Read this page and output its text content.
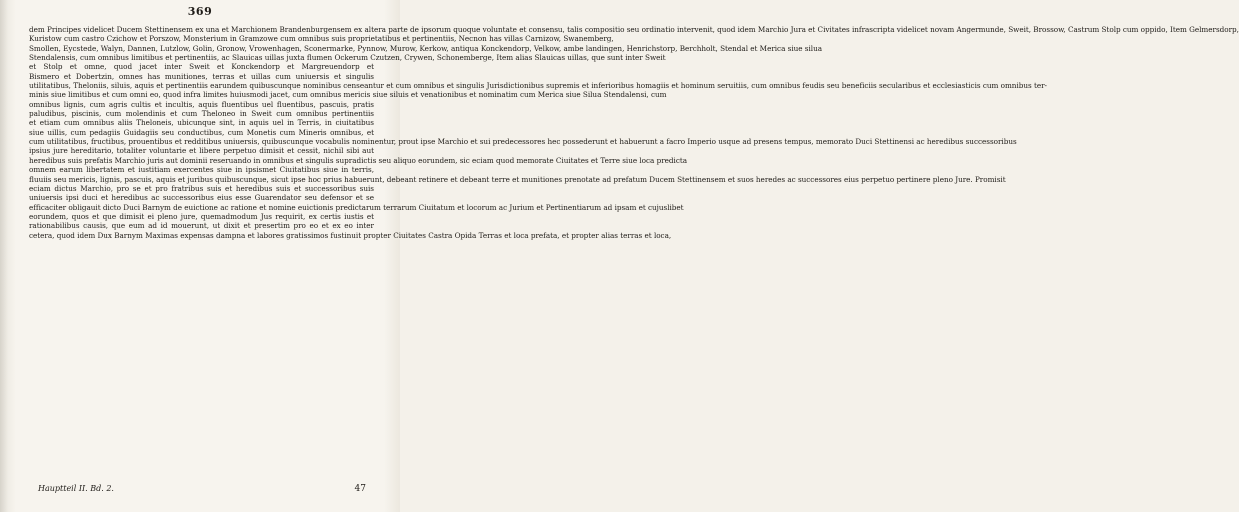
369
dem Principes videlicet Ducem Stettinensem ex una et Marchionem Brandenburgensem ex altera parte de ipsorum quoque voluntate et consensu, talis compositio seu ordinatio intervenit, quod idem Marchio Jura et Civitates infrascripta videlicet novam Angermunde, Sweit, Brossow, Castrum Stolp cum oppido, Item Gelmersdorp,
Kuristow cum castro Czichow et Porszow, Monsterium in Gramzowe cum omnibus suis proprietatibus et pertinentiis, Necnon has villas Carnizow, Swanemberg,
Smollen, Eycstede, Walyn, Dannen, Lutzlow, Golin, Gronow, Vrowenhagen, Sconermarke, Pynnow, Murow, Kerkow, antiqua Konckendorp, Velkow, ambe landingen, Henrichstorp, Berchholt, Stendal et Merica siue silua
Stendalensis, cum omnibus limitibus et pertinentiis, ac Slauicas uillas juxta flumen Ockerum Czutzen, Crywen, Schonemberge, Item alias Slauicas uillas, que sunt inter Sweit
et Stolp et omne, quod jacet inter Sweit et Konckendorp et Margreuendorp et
Bismero et Dobertzin, omnes has munitiones, terras et uillas cum uniuersis et singulis
utilitatibus, Theloniis, siluis, aquis et pertinentiis earundem quibuscunque nominibus censeantur et cum omnibus et singulis Jurisdictionibus supremis et inferioribus homagiis et hominum seruitiis, cum omnibus feudis seu beneficiis secularibus et ecclesiasticis cum omnibus ter-
minis siue limitibus et cum omni eo, quod infra limites huiusmodi jacet, cum omnibus mericis siue siluis et venationibus et nominatim cum Merica siue Silua Stendalensi, cum
omnibus lignis, cum agris cultis et incultis, aquis fluentibus uel fluentibus, pascuis, pratis
paludibus, piscinis, cum molendinis et cum Theloneo in Sweit cum omnibus pertinentiis
et etiam cum omnibus aliis Theloneis, ubicunque sint, in aquis uel in Terris, in ciuitatibus
siue uillis, cum pedagiis Guidagiis seu conductibus, cum Monetis cum Mineris omnibus, et
cum utilitatibus, fructibus, prouentibus et redditibus uniuersis, quibuscunque vocabulis nominentur, prout ipse Marchio et sui predecessores hec possederunt et habuerunt a facro Imperio usque ad presens tempus, memorato Duci Stettinensi ac heredibus successoribus
ipsius jure hereditario, totaliter voluntarie et libere perpetuo dimisit et cessit, nichil sibi aut
heredibus suis prefatis Marchio juris aut dominii reseruando in omnibus et singulis supradictis seu aliquo eorundem, sic eciam quod memorate Ciuitates et Terre siue loca predicta
omnem earum libertatem et iustitiam exercentes siue in ipsismet Ciuitatibus siue in terris,
fluuiis seu mericis, lignis, pascuis, aquis et juribus quibuscunque, sicut ipse hoc prius habuerunt, debeant retinere et debeant terre et munitiones prenotate ad prefatum Ducem Stettinensem et suos heredes ac successores eius perpetuo pertinere pleno Jure. Promisit
eciam dictus Marchio, pro se et pro fratribus suis et heredibus suis et successoribus suis
uniuersis ipsi duci et heredibus ac successoribus eius esse Guarendator seu defensor et se
efficaciter obligauit dicto Duci Barnym de euictione ac ratione et nomine euictionis predictarum terrarum Ciuitatum et locorum ac Jurium et Pertinentiarum ad ipsam et cujuslibet
eorundem, quos et que dimisit ei pleno jure, quemadmodum Jus requirit, ex certis iustis et
rationabilibus causis, que eum ad id mouerunt, ut dixit et presertim pro eo et ex eo inter
cetera, quod idem Dux Barnym Maximas expensas dampna et labores gratissimos fustinuit propter Ciuitates Castra Opida Terras et loca prefata, et propter alias terras et loca,
Hauptteil II. Bd. 2.	47
